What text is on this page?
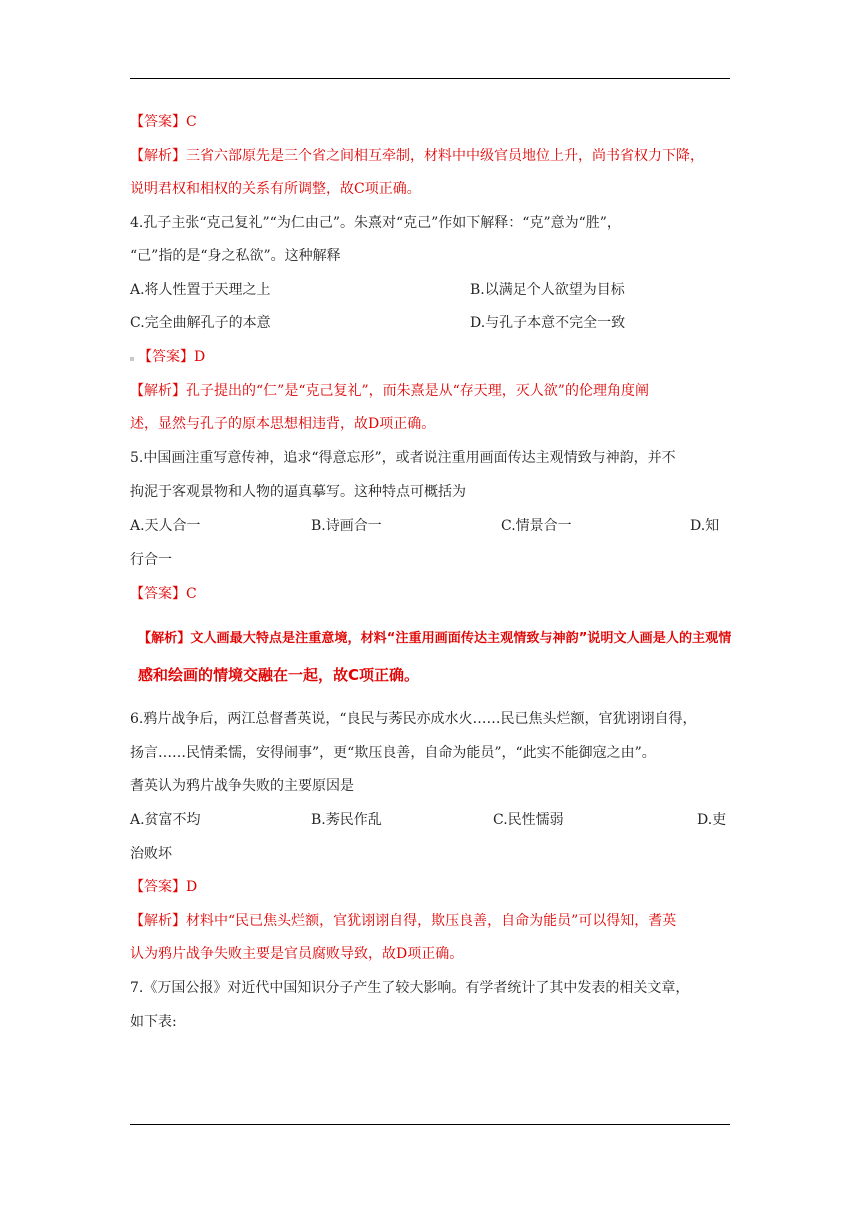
【答案】C
【解析】三省六部原先是三个省之间相互牵制，材料中中级官员地位上升，尚书省权力下降，
说明君权和相权的关系有所调整，故C项正确。
4.孔子主张“克己复礼”“为仁由己”。朱熹对“克己”作如下解释：“克”意为“胜”，
“己”指的是“身之私欲”。这种解释
A.将人性置于天理之上	B.以满足个人欲望为目标
C.完全曲解孔子的本意	D.与孔子本意不完全一致
【答案】D
【解析】孔子提出的“仁”是“克己复礼”，而朱熹是从“存天理，灭人欲”的伦理角度阐
述，显然与孔子的原本思想相违背，故D项正确。
5.中国画注重写意传神，追求“得意忘形”，或者说注重用画面传达主观情致与神韵，并不
拘泥于客观景物和人物的逼真摹写。这种特点可概括为
A.天人合一	B.诗画合一	C.情景合一	D.知
行合一
【答案】C
【解析】文人画最大特点是注重意境，材料“注重用画面传达主观情致与神韵”说明文人画是人的主观情
感和绘画的情境交融在一起，故C项正确。
6.鸦片战争后，两江总督耆英说，“良民与莠民亦成水火……民已焦头烂额，官犹诩诩自得，
扬言……民情柔懦，安得闹事”，更“欺压良善，自命为能员”，“此实不能御寇之由”。
耆英认为鸦片战争失败的主要原因是
A.贫富不均	B.莠民作乱	C.民性懦弱	D.吏
治败坏
【答案】D
【解析】材料中“民已焦头烂额，官犹诩诩自得，欺压良善，自命为能员”可以得知，耆英
认为鸦片战争失败主要是官员腐败导致，故D项正确。
7.《万国公报》对近代中国知识分子产生了较大影响。有学者统计了其中发表的相关文章，
如下表:
